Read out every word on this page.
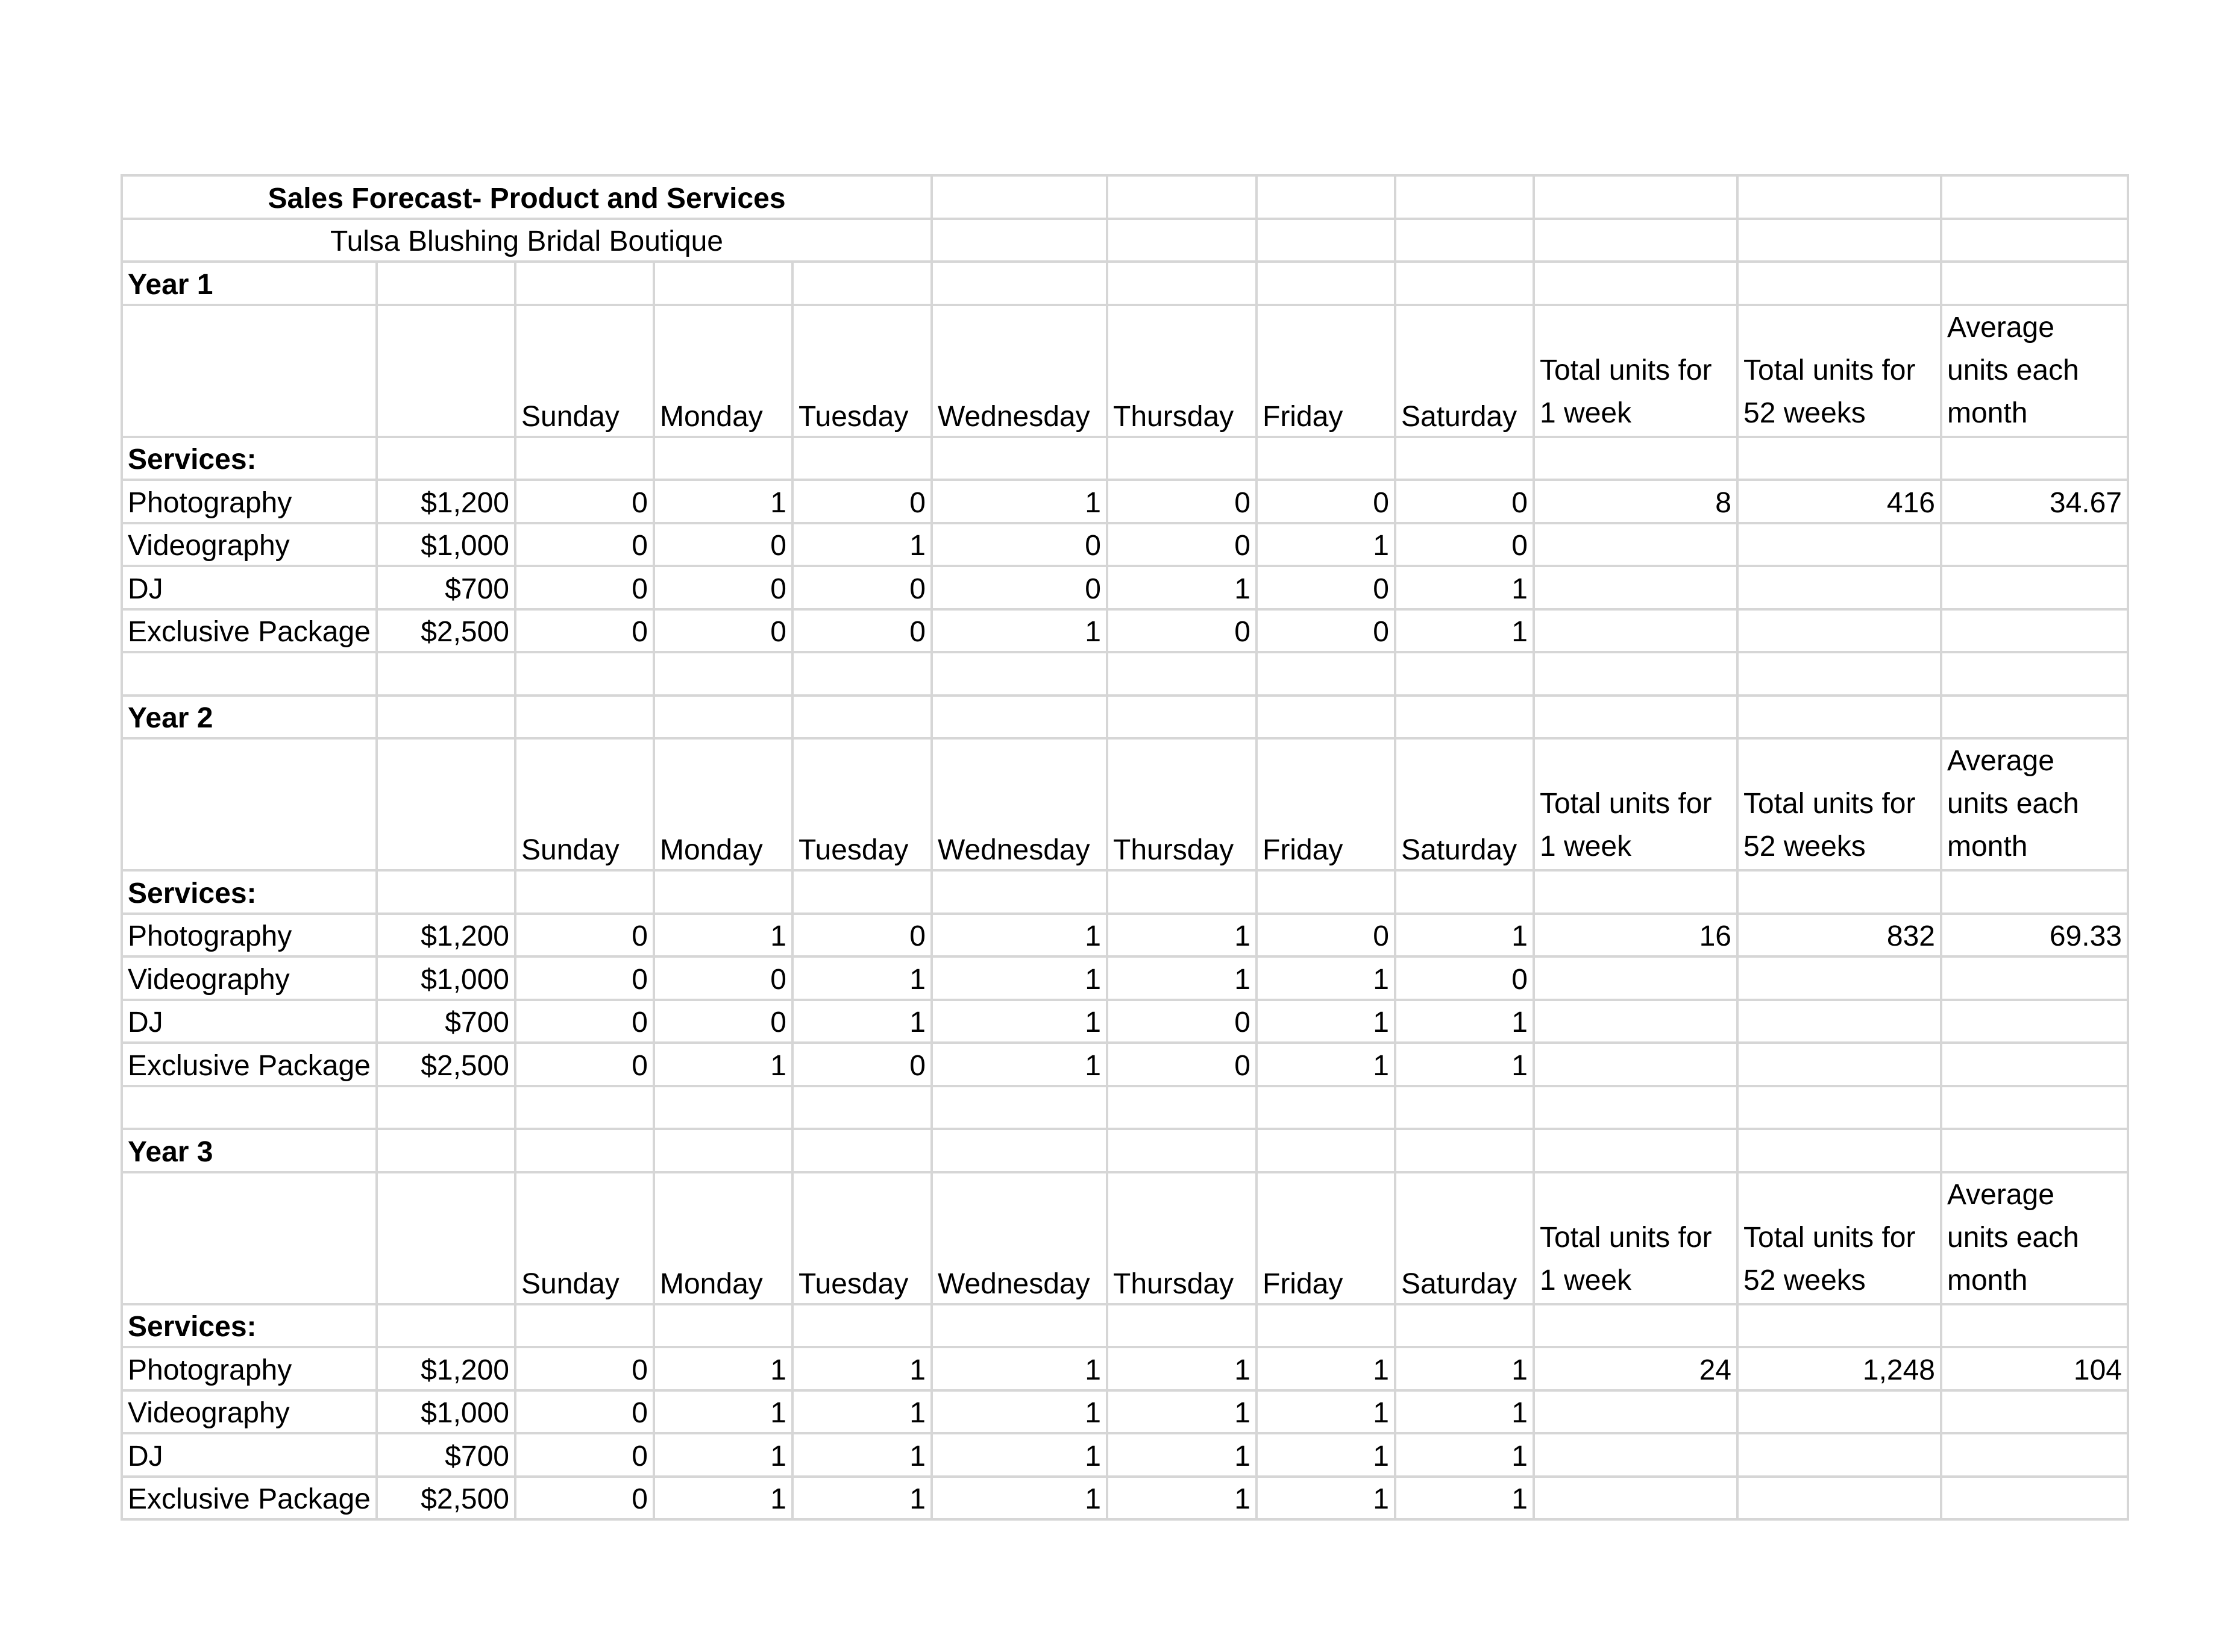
Sales Forecast- Product and Services											
Tulsa Blushing Bridal Boutique											
Year 1											
		Sunday	Monday	Tuesday	Wednesday	Thursday	Friday	Saturday	Total units for 1 week	Total units for 52 weeks	Average units each month
Services:											
Photography	$1,200	0	1	0	1	0	0	0	8	416	34.67
Videography	$1,000	0	0	1	0	0	1	0			
DJ	$700	0	0	0	0	1	0	1			
Exclusive Package	$2,500	0	0	0	1	0	0	1			

Year 2											
		Sunday	Monday	Tuesday	Wednesday	Thursday	Friday	Saturday	Total units for 1 week	Total units for 52 weeks	Average units each month
Services:											
Photography	$1,200	0	1	0	1	1	0	1	16	832	69.33
Videography	$1,000	0	0	1	1	1	1	0			
DJ	$700	0	0	1	1	0	1	1			
Exclusive Package	$2,500	0	1	0	1	0	1	1			

Year 3											
		Sunday	Monday	Tuesday	Wednesday	Thursday	Friday	Saturday	Total units for 1 week	Total units for 52 weeks	Average units each month
Services:											
Photography	$1,200	0	1	1	1	1	1	1	24	1,248	104
Videography	$1,000	0	1	1	1	1	1	1			
DJ	$700	0	1	1	1	1	1	1			
Exclusive Package	$2,500	0	1	1	1	1	1	1			
